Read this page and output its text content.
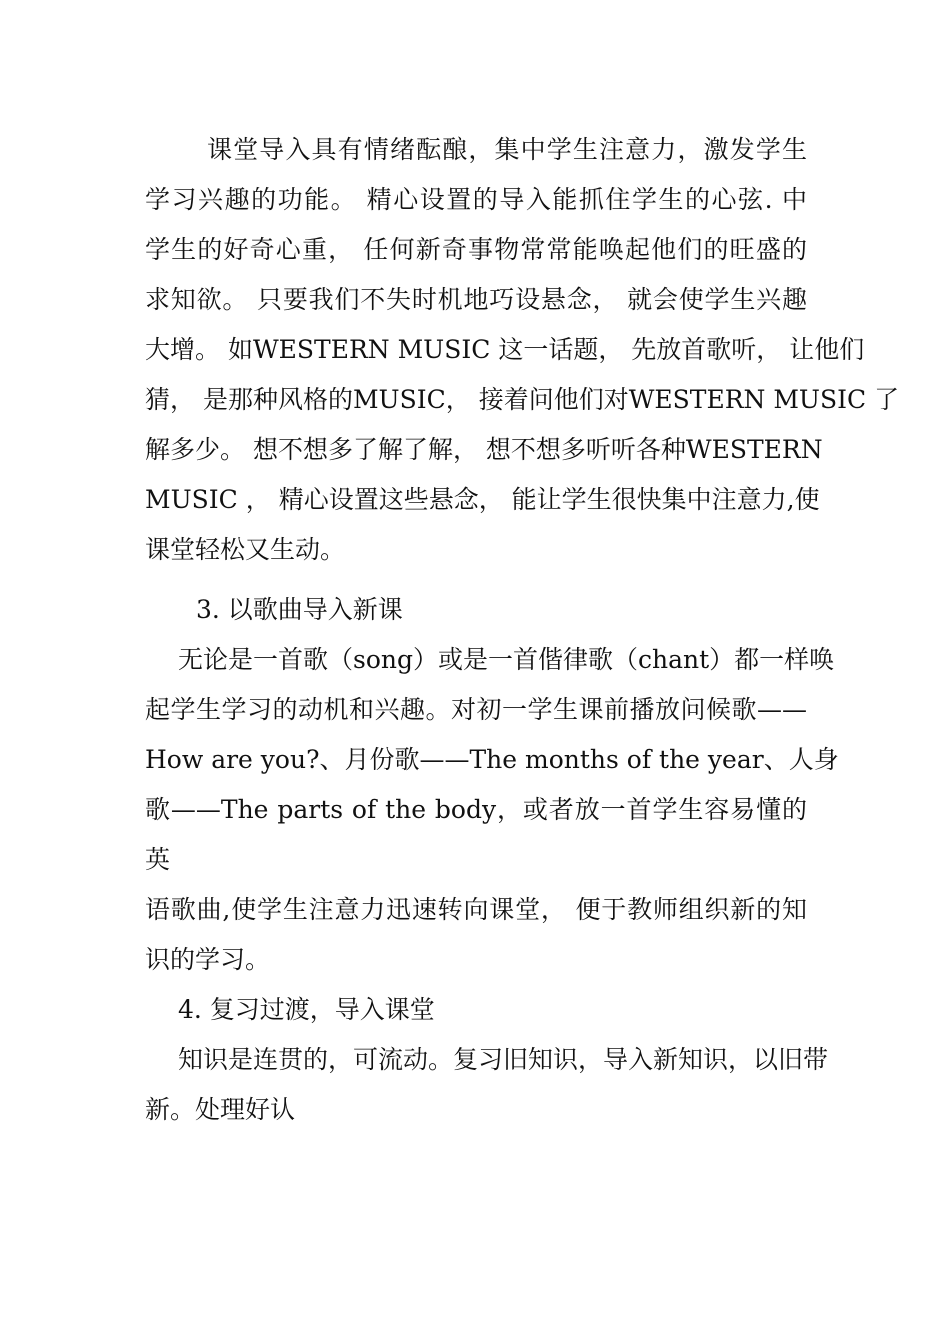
课堂导入具有情绪酝酿，集中学生注意力，激发学生
学习兴趣的功能。 精心设置的导入能抓住学生的心弦. 中
学生的好奇心重， 任何新奇事物常常能唤起他们的旺盛的
求知欲。 只要我们不失时机地巧设悬念， 就会使学生兴趣
大增。 如WESTERN MUSIC 这一话题， 先放首歌听， 让他们
猜， 是那种风格的MUSIC， 接着问他们对WESTERN MUSIC 了
解多少。 想不想多了解了解， 想不想多听听各种WESTERN
MUSIC ， 精心设置这些悬念， 能让学生很快集中注意力,使
课堂轻松又生动。
3. 以歌曲导入新课
无论是一首歌（song）或是一首偕律歌（chant）都一样唤
起学生学习的动机和兴趣。对初一学生课前播放问候歌——
How are you?、月份歌——The months of the year、人身
歌——The parts of the body，或者放一首学生容易懂的
英
语歌曲,使学生注意力迅速转向课堂， 便于教师组织新的知
识的学习。
4. 复习过渡，导入课堂
知识是连贯的，可流动。复习旧知识，导入新知识，以旧带
新。处理好认
